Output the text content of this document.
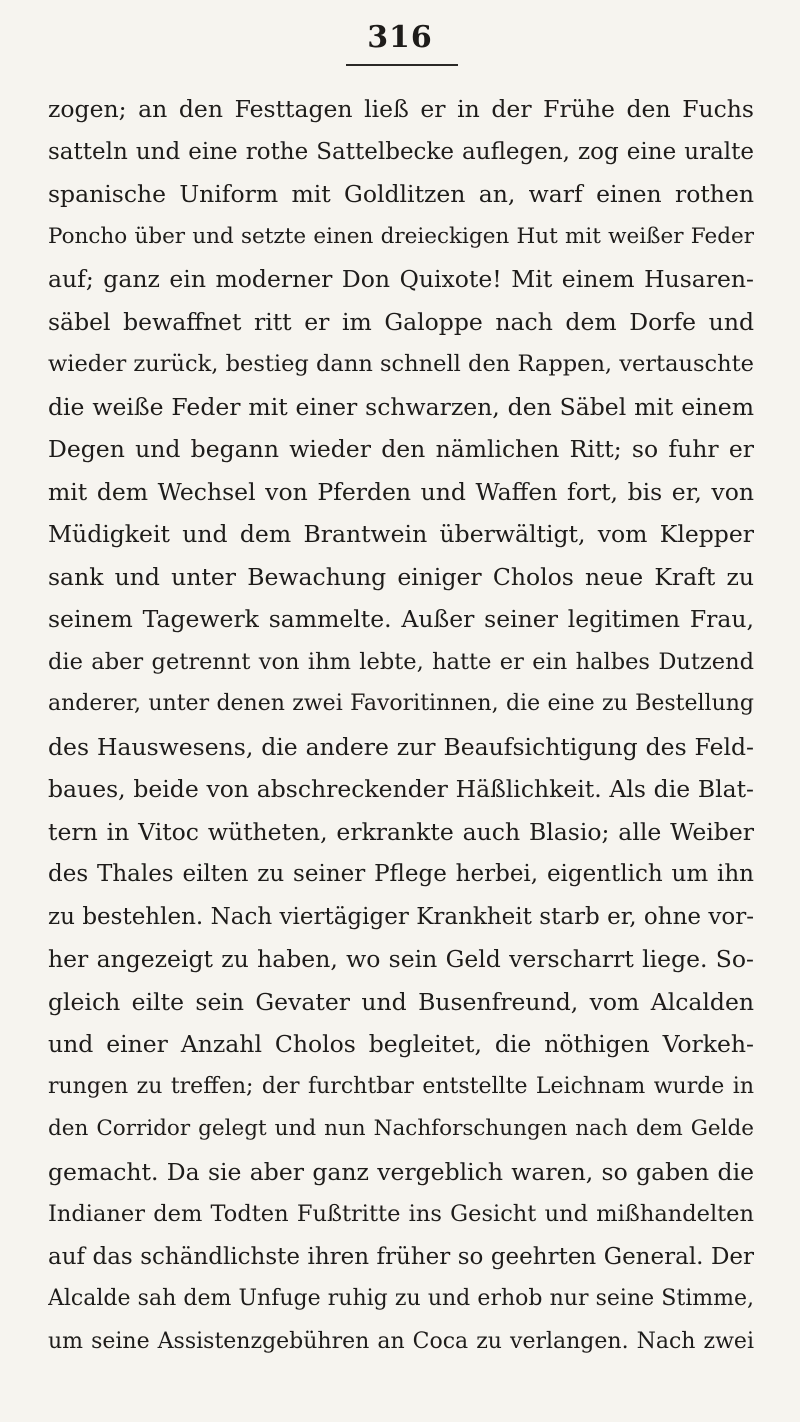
316
zogen; an den Festtagen ließ er in der Frühe den Fuchs
satteln und eine rothe Sattelbecke auflegen, zog eine uralte
spanische Uniform mit Goldlitzen an, warf einen rothen
Poncho über und setzte einen dreieckigen Hut mit weißer Feder
auf; ganz ein moderner Don Quixote! Mit einem Husaren-
säbel bewaffnet ritt er im Galoppe nach dem Dorfe und
wieder zurück, bestieg dann schnell den Rappen, vertauschte
die weiße Feder mit einer schwarzen, den Säbel mit einem
Degen und begann wieder den nämlichen Ritt; so fuhr er
mit dem Wechsel von Pferden und Waffen fort, bis er, von
Müdigkeit und dem Brantwein überwältigt, vom Klepper
sank und unter Bewachung einiger Cholos neue Kraft zu
seinem Tagewerk sammelte. Außer seiner legitimen Frau,
die aber getrennt von ihm lebte, hatte er ein halbes Dutzend
anderer, unter denen zwei Favoritinnen, die eine zu Bestellung
des Hauswesens, die andere zur Beaufsichtigung des Feld-
baues, beide von abschreckender Häßlichkeit. Als die Blat-
tern in Vitoc wütheten, erkrankte auch Blasio; alle Weiber
des Thales eilten zu seiner Pflege herbei, eigentlich um ihn
zu bestehlen. Nach viertägiger Krankheit starb er, ohne vor-
her angezeigt zu haben, wo sein Geld verscharrt liege. So-
gleich eilte sein Gevater und Busenfreund, vom Alcalden
und einer Anzahl Cholos begleitet, die nöthigen Vorkeh-
rungen zu treffen; der furchtbar entstellte Leichnam wurde in
den Corridor gelegt und nun Nachforschungen nach dem Gelde
gemacht. Da sie aber ganz vergeblich waren, so gaben die
Indianer dem Todten Fußtritte ins Gesicht und mißhandelten
auf das schändlichste ihren früher so geehrten General. Der
Alcalde sah dem Unfuge ruhig zu und erhob nur seine Stimme,
um seine Assistenzgebühren an Coca zu verlangen. Nach zwei
